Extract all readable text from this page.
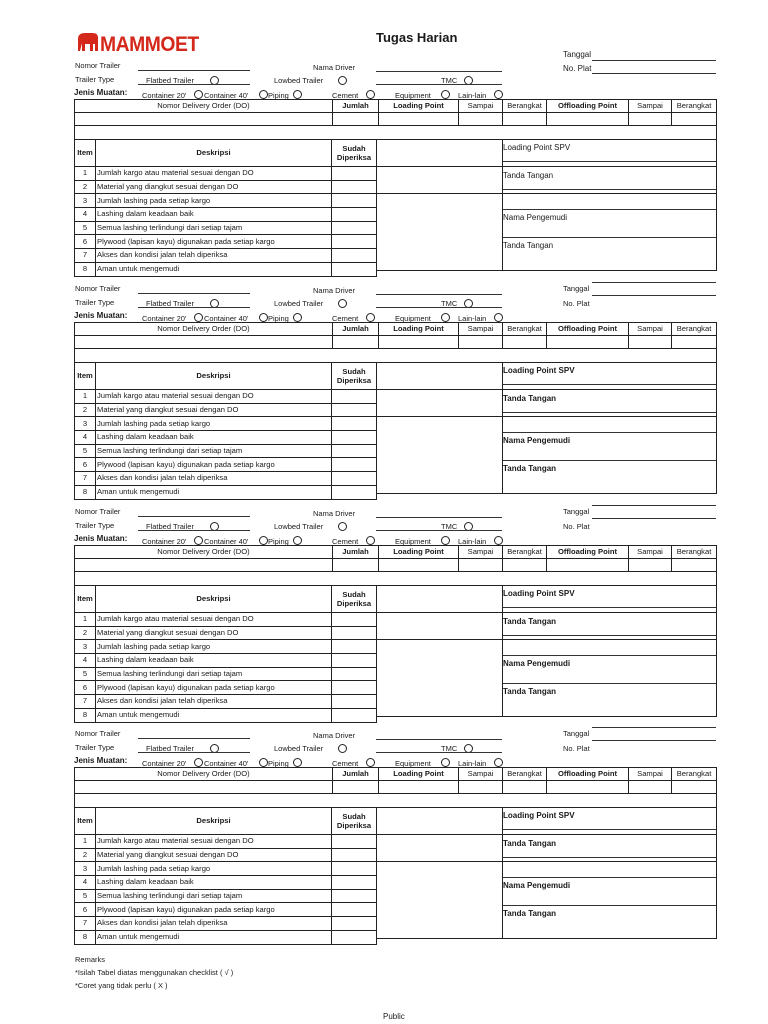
MAMMOET	Tugas Harian
Tanggal
No. Plat
Nomor Trailer	Nama Driver
Trailer Type	Flatbed Trailer	Lowbed Trailer	TMC
Jenis Muatan: Container 20' Container 40'	Piping	Cement	Equipment	Lain-lain
Nomor Delivery Order (DO)	Jumlah	Loading Point	Sampai	Berangkat	Offloading Point	Sampai	Berangkat

Item	Deskripsi	Sudah
Diperiksa
1	Jumlah kargo atau material sesuai dengan DO	
2	Material yang diangkut sesuai dengan DO	
3	Jumlah lashing pada setiap kargo	
4	Lashing dalam keadaan baik	
5	Semua lashing terlindungi dari setiap tajam	
6	Plywood (lapisan kayu) digunakan pada setiap kargo	
7	Akses dan kondisi jalan telah diperiksa	
8	Aman untuk mengemudi	

Loading Point SPV
Tanda Tangan
Nama Pengemudi
Tanda Tangan
Nomor Trailer	Nama Driver	Tanggal
Trailer Type	Flatbed Trailer	Lowbed Trailer	TMC	No. Plat
Jenis Muatan: Container 20' Container 40'	Piping	Cement	Equipment	Lain-lain
Nomor Delivery Order (DO)	Jumlah	Loading Point	Sampai	Berangkat	Offloading Point	Sampai	Berangkat

Item	Deskripsi	Sudah
Diperiksa
1	Jumlah kargo atau material sesuai dengan DO	
2	Material yang diangkut sesuai dengan DO	
3	Jumlah lashing pada setiap kargo	
4	Lashing dalam keadaan baik	
5	Semua lashing terlindungi dari setiap tajam	
6	Plywood (lapisan kayu) digunakan pada setiap kargo	
7	Akses dan kondisi jalan telah diperiksa	
8	Aman untuk mengemudi	

Loading Point SPV
Tanda Tangan
Nama Pengemudi
Tanda Tangan
Nomor Trailer	Nama Driver	Tanggal
Trailer Type	Flatbed Trailer	Lowbed Trailer	TMC	No. Plat
Jenis Muatan: Container 20' Container 40'	Piping	Cement	Equipment	Lain-lain
Nomor Delivery Order (DO)	Jumlah	Loading Point	Sampai	Berangkat	Offloading Point	Sampai	Berangkat

Item	Deskripsi	Sudah
Diperiksa
1	Jumlah kargo atau material sesuai dengan DO	
2	Material yang diangkut sesuai dengan DO	
3	Jumlah lashing pada setiap kargo	
4	Lashing dalam keadaan baik	
5	Semua lashing terlindungi dari setiap tajam	
6	Plywood (lapisan kayu) digunakan pada setiap kargo	
7	Akses dan kondisi jalan telah diperiksa	
8	Aman untuk mengemudi	

Loading Point SPV
Tanda Tangan
Nama Pengemudi
Tanda Tangan
Nomor Trailer	Nama Driver	Tanggal
Trailer Type	Flatbed Trailer	Lowbed Trailer	TMC	No. Plat
Jenis Muatan: Container 20' Container 40'	Piping	Cement	Equipment	Lain-lain
Nomor Delivery Order (DO)	Jumlah	Loading Point	Sampai	Berangkat	Offloading Point	Sampai	Berangkat

Item	Deskripsi	Sudah
Diperiksa
1	Jumlah kargo atau material sesuai dengan DO	
2	Material yang diangkut sesuai dengan DO	
3	Jumlah lashing pada setiap kargo	
4	Lashing dalam keadaan baik	
5	Semua lashing terlindungi dari setiap tajam	
6	Plywood (lapisan kayu) digunakan pada setiap kargo	
7	Akses dan kondisi jalan telah diperiksa	
8	Aman untuk mengemudi	

Loading Point SPV
Tanda Tangan
Nama Pengemudi
Tanda Tangan
Remarks
*Isilah Tabel diatas menggunakan checklist ( √ )
*Coret yang tidak perlu ( X )
Public
